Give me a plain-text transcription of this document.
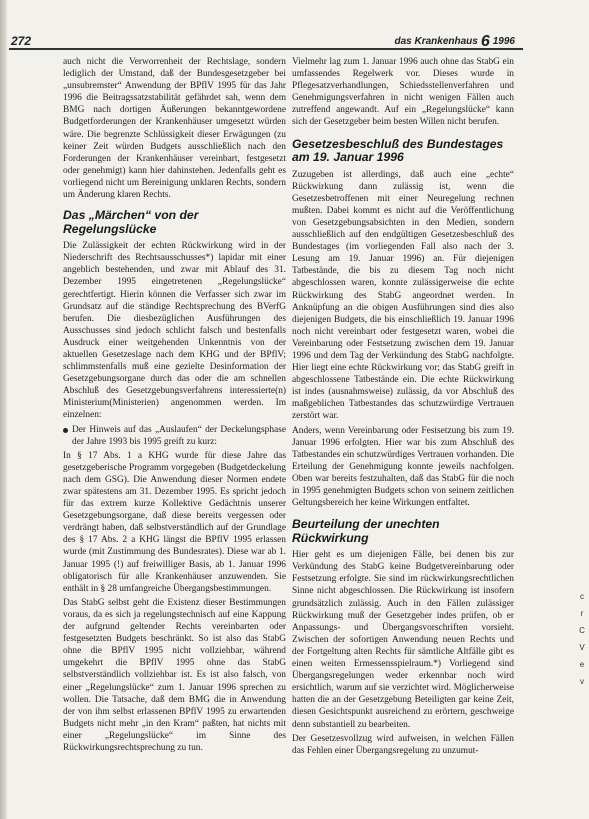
272	das Krankenhaus 6 1996

auch nicht die Verworrenheit der Rechtslage, sondern lediglich der Umstand, daß der Bundesgesetzgeber bei „unsubremster“ Anwendung der BPflV 1995 für das Jahr 1996 die Beitragssatzstabilität gefährdet sah, wenn dem BMG nach dortigen Äußerungen bekanntgewordene Budgetforderungen der Krankenhäuser umgesetzt würden wäre. Die begrenzte Schlüssigkeit dieser Erwägungen (zu keiner Zeit würden Budgets ausschließlich nach den Forderungen der Krankenhäuser vereinbart, festgesetzt oder genehmigt) kann hier dahinstehen. Jedenfalls geht es vorliegend nicht um Bereinigung unklaren Rechts, sondern um Änderung klaren Rechts.

Das „Märchen“ von der Regelungslücke

Die Zulässigkeit der echten Rückwirkung wird in der Niederschrift des Rechtsausschusses*) lapidar mit einer angeblich bestehenden, und zwar mit Ablauf des 31. Dezember 1995 eingetretenen „Regelungslücke“ gerechtfertigt. Hierin können die Verfasser sich zwar im Grundsatz auf die ständige Rechtsprechung des BVerfG berufen. Die diesbezüglichen Ausführungen des Ausschusses sind jedoch schlicht falsch und bestenfalls Ausdruck einer weitgehenden Unkenntnis von der aktuellen Gesetzeslage nach dem KHG und der BPflV; schlimmstenfalls muß eine gezielte Desinformation der Gesetzgebungsorgane durch das oder die am schnellen Abschluß des Gesetzgebungsverfahrens interessierte(n) Ministerium(Ministerien) angenommen werden. Im einzelnen:

Der Hinweis auf das „Auslaufen“ der Deckelungsphase der Jahre 1993 bis 1995 greift zu kurz:

In § 17 Abs. 1 a KHG wurde für diese Jahre das gesetzgeberische Programm vorgegeben (Budgetdeckelung nach dem GSG). Die Anwendung dieser Normen endete zwar spätestens am 31. Dezember 1995. Es spricht jedoch für das extrem kurze Kollektive Gedächtnis unserer Gesetzgebungsorgane, daß diese bereits vergessen oder verdrängt haben, daß selbstverständlich auf der Grundlage des § 17 Abs. 2 a KHG längst die BPflV 1995 erlassen wurde (mit Zustimmung des Bundesrates). Diese war ab 1. Januar 1995 (!) auf freiwilliger Basis, ab 1. Januar 1996 obligatorisch für alle Krankenhäuser anzuwenden. Sie enthält in § 28 umfangreiche Übergangsbestimmungen.

Das StabG selbst geht die Existenz dieser Bestimmungen voraus, da es sich ja regelungstechnisch auf eine Kappung der aufgrund geltender Rechts vereinbarten oder festgesetzten Budgets beschränkt. So ist also das StabG ohne die BPflV 1995 nicht vollziehbar, während umgekehrt die BPflV 1995 ohne das StabG selbstverständlich vollziehbar ist. Es ist also falsch, von einer „Regelungslücke“ zum 1. Januar 1996 sprechen zu wollen. Die Tatsache, daß dem BMG die in Anwendung der von ihm selbst erlassenen BPflV 1995 zu erwartenden Budgets nicht mehr „in den Kram“ paßten, hat nichts mit einer „Regelungslücke“ im Sinne des Rückwirkungsrechtsprechung zu tun.

Vielmehr lag zum 1. Januar 1996 auch ohne das StabG ein umfassendes Regelwerk vor. Dieses wurde in Pflegesatzverhandlungen, Schiedsstellenverfahren und Genehmigungsverfahren in nicht wenigen Fällen auch zutreffend angewandt. Auf ein „Regelungslücke“ kann sich der Gesetzgeber beim besten Willen nicht berufen.

Gesetzesbeschluß des Bundestages am 19. Januar 1996

Zuzugeben ist allerdings, daß auch eine „echte“ Rückwirkung dann zulässig ist, wenn die Gesetzesbetroffenen mit einer Neuregelung rechnen mußten. Dabei kommt es nicht auf die Veröffentlichung von Gesetzgebungsabsichten in den Medien, sondern ausschließlich auf den endgültigen Gesetzesbeschluß des Bundestages (im vorliegenden Fall also nach der 3. Lesung am 19. Januar 1996) an. Für diejenigen Tatbestände, die bis zu diesem Tag noch nicht abgeschlossen waren, konnte zulässigerweise die echte Rückwirkung des StabG angeordnet werden. In Anknüpfung an die obigen Ausführungen sind dies also diejenigen Budgets, die bis einschließlich 19. Januar 1996 noch nicht vereinbart oder festgesetzt waren, wobei die Vereinbarung oder Festsetzung zwischen dem 19. Januar 1996 und dem Tag der Verkündung des StabG nachfolgte. Hier liegt eine echte Rückwirkung vor; das StabG greift in abgeschlossene Tatbestände ein. Die echte Rückwirkung ist indes (ausnahmsweise) zulässig, da vor Abschluß des maßgeblichen Tatbestandes das schutzwürdige Vertrauen zerstört war.

Anders, wenn Vereinbarung oder Festsetzung bis zum 19. Januar 1996 erfolgten. Hier war bis zum Abschluß des Tatbestandes ein schutzwürdiges Vertrauen vorhanden. Die Erteilung der Genehmigung konnte jeweils nachfolgen. Oben war bereits festzuhalten, daß das StabG für die noch in 1995 genehmigten Budgets schon von seinem zeitlichen Geltungsbereich her keine Wirkungen entfaltet.

Beurteilung der unechten Rückwirkung

Hier geht es um diejenigen Fälle, bei denen bis zur Verkündung des StabG keine Budgetvereinbarung oder Festsetzung erfolgte. Sie sind im rückwirkungsrechtlichen Sinne nicht abgeschlossen. Die Rückwirkung ist insofern grundsätzlich zulässig. Auch in den Fällen zulässiger Rückwirkung muß der Gesetzgeber indes prüfen, ob er Anpassungs- und Übergangsvorschriften vorsieht. Zwischen der sofortigen Anwendung neuen Rechts und der Fortgeltung alten Rechts für sämtliche Altfälle gibt es einen weiten Ermessensspielraum.*) Vorliegend sind Übergangsregelungen weder erkennbar noch wird ersichtlich, warum auf sie verzichtet wird. Möglicherweise hatten die an der Gesetzgebung Beteiligten gar keine Zeit, diesen Gesichtspunkt ausreichend zu erörtern, geschweige denn substantiell zu bearbeiten.

Der Gesetzesvollzug wird aufweisen, in welchen Fällen das Fehlen einer Übergangsregelung zu unzumut-

c
r
C
V
e
v
